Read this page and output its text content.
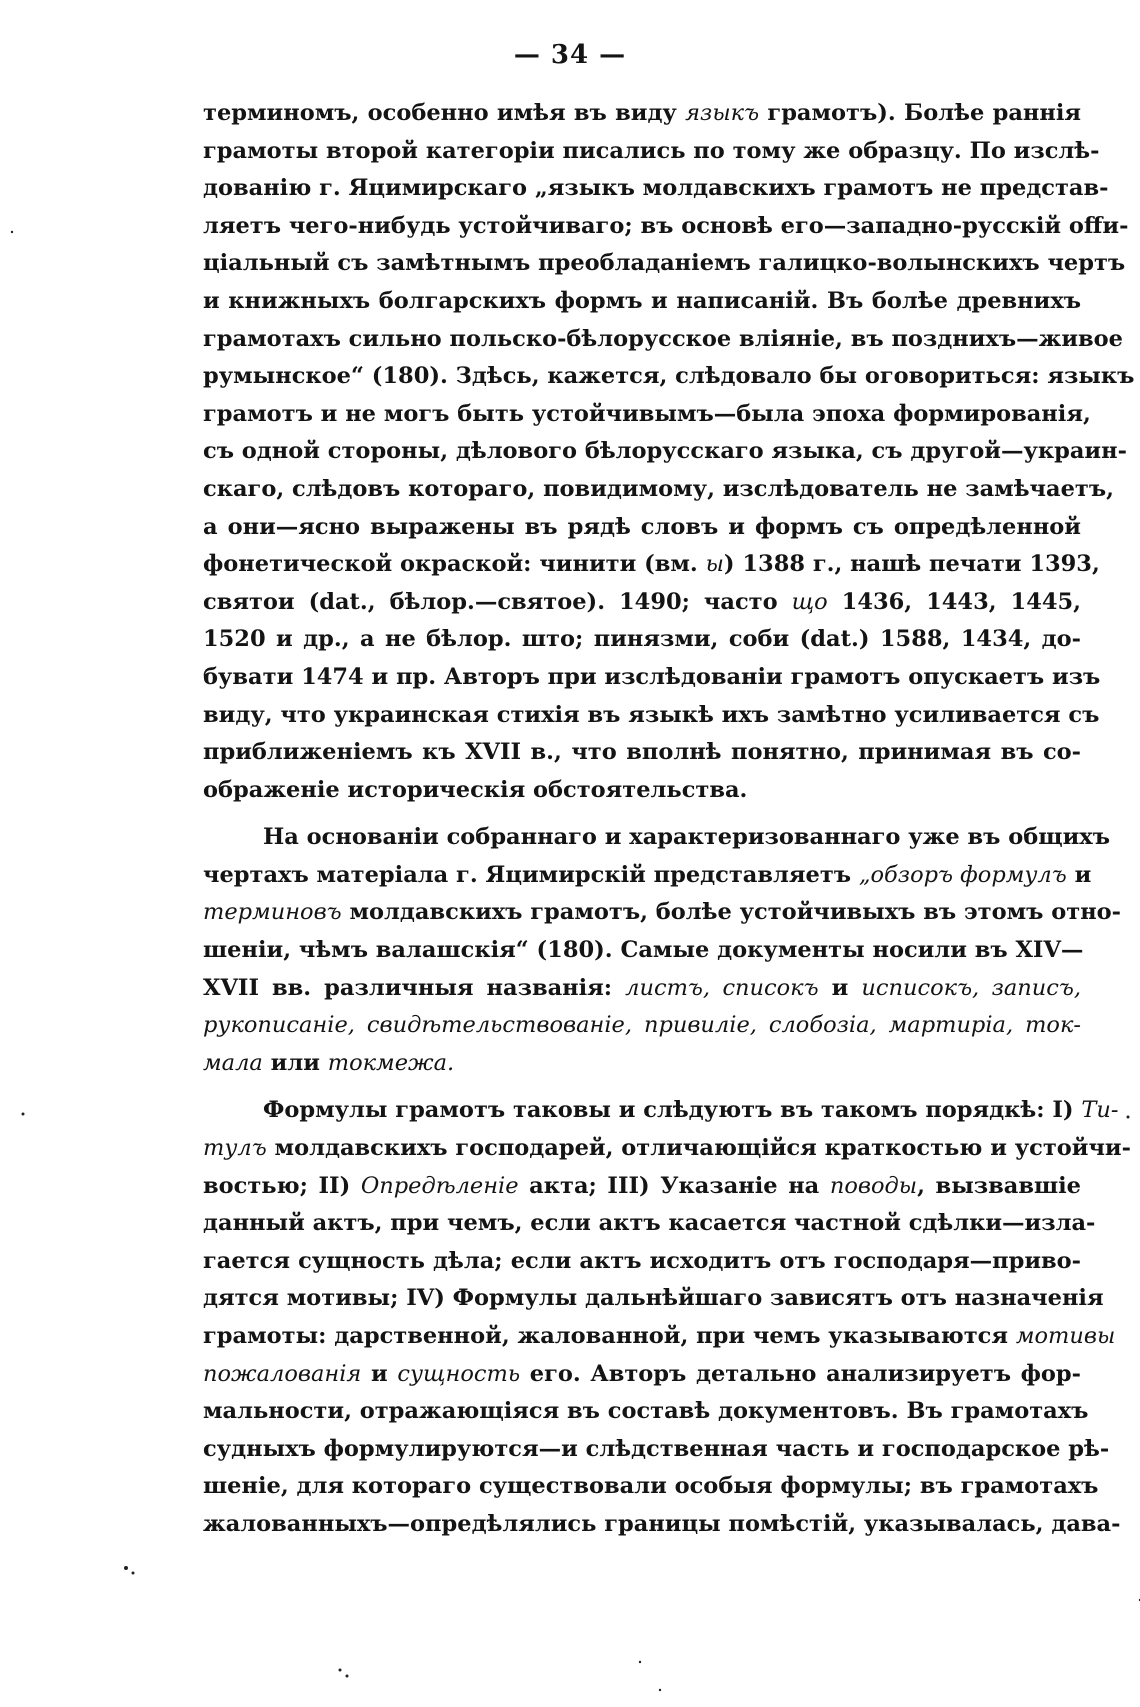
— 34 —
терминомъ, особенно имѣя въ виду языкъ грамотъ). Болѣе раннія
грамоты второй категоріи писались по тому же образцу. По изслѣ-
дованію г. Яцимирскаго „языкъ молдавскихъ грамотъ не представ-
ляетъ чего-нибудь устойчиваго; въ основѣ его—западно-русскій offи-
ціальный съ замѣтнымъ преобладаніемъ галицко-волынскихъ чертъ
и книжныхъ болгарскихъ формъ и написаній. Въ болѣе древнихъ
грамотахъ сильно польско-бѣлорусское вліяніе, въ позднихъ—живое
румынское“ (180). Здѣсь, кажется, слѣдовало бы оговориться: языкъ
грамотъ и не могъ быть устойчивымъ—была эпоха формированія,
съ одной стороны, дѣлового бѣлорусскаго языка, съ другой—украин-
скаго, слѣдовъ котораго, повидимому, изслѣдователь не замѣчаетъ,
а они—ясно выражены въ рядѣ словъ и формъ съ опредѣленной
фонетической окраской: чинити (вм. ы) 1388 г., нашѣ печати 1393,
святои (dat., бѣлор.—святое). 1490; часто що 1436, 1443, 1445,
1520 и др., а не бѣлор. што; пинязми, соби (dat.) 1588, 1434, до-
бувати 1474 и пр. Авторъ при изслѣдованіи грамотъ опускаетъ изъ
виду, что украинская стихія въ языкѣ ихъ замѣтно усиливается съ
приближеніемъ къ XVII в., что вполнѣ понятно, принимая въ со-
ображеніе историческія обстоятельства.
На основаніи собраннаго и характеризованнаго уже въ общихъ
чертахъ матеріала г. Яцимирскій представляетъ „обзоръ формулъ и
терминовъ молдавскихъ грамотъ, болѣе устойчивыхъ въ этомъ отно-
шеніи, чѣмъ валашскія“ (180). Самые документы носили въ XIV—
XVII вв. различныя названія: листъ, списокъ и исписокъ, записъ,
рукописаніе, свидѣтельствованіе, привиліе, слобозіа, мартиріа, ток-
мала или токмежа.
Формулы грамотъ таковы и слѣдуютъ въ такомъ порядкѣ: I) Ти-
тулъ молдавскихъ господарей, отличающійся краткостью и устойчи-
востью; II) Опредѣленіе акта; III) Указаніе на поводы, вызвавшіе
данный актъ, при чемъ, если актъ касается частной сдѣлки—изла-
гается сущность дѣла; если актъ исходитъ отъ господаря—приво-
дятся мотивы; IV) Формулы дальнѣйшаго зависятъ отъ назначенія
грамоты: дарственной, жалованной, при чемъ указываются мотивы
пожалованія и сущность его. Авторъ детально анализируетъ фор-
мальности, отражающіяся въ составѣ документовъ. Въ грамотахъ
судныхъ формулируются—и слѣдственная часть и господарское рѣ-
шеніе, для котораго существовали особыя формулы; въ грамотахъ
жалованныхъ—опредѣлялись границы помѣстій, указывалась, дава-
